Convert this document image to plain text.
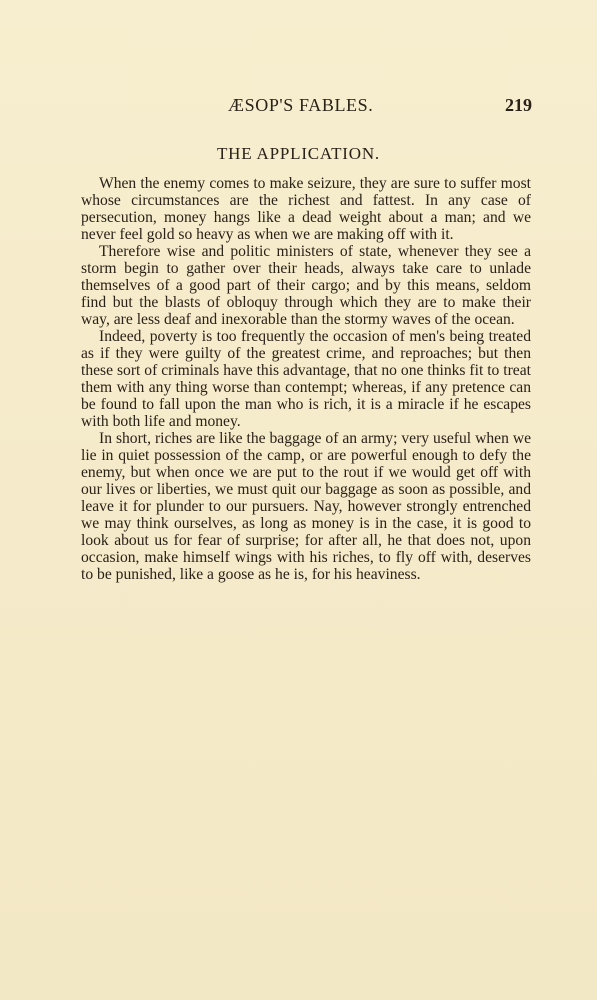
ÆSOP'S FABLES.	219
THE APPLICATION.

When the enemy comes to make seizure, they are sure to suffer most whose circumstances are the richest and fattest. In any case of persecution, money hangs like a dead weight about a man; and we never feel gold so heavy as when we are making off with it.

Therefore wise and politic ministers of state, whenever they see a storm begin to gather over their heads, always take care to unlade themselves of a good part of their cargo; and by this means, seldom find but the blasts of obloquy through which they are to make their way, are less deaf and inexorable than the stormy waves of the ocean.

Indeed, poverty is too frequently the occasion of men's being treated as if they were guilty of the greatest crime, and reproaches; but then these sort of criminals have this advantage, that no one thinks fit to treat them with any thing worse than contempt; whereas, if any pretence can be found to fall upon the man who is rich, it is a miracle if he escapes with both life and money.

In short, riches are like the baggage of an army; very useful when we lie in quiet possession of the camp, or are powerful enough to defy the enemy, but when once we are put to the rout if we would get off with our lives or liberties, we must quit our baggage as soon as possible, and leave it for plunder to our pursuers. Nay, however strongly entrenched we may think ourselves, as long as money is in the case, it is good to look about us for fear of surprise; for after all, he that does not, upon occasion, make himself wings with his riches, to fly off with, deserves to be punished, like a goose as he is, for his heaviness.
